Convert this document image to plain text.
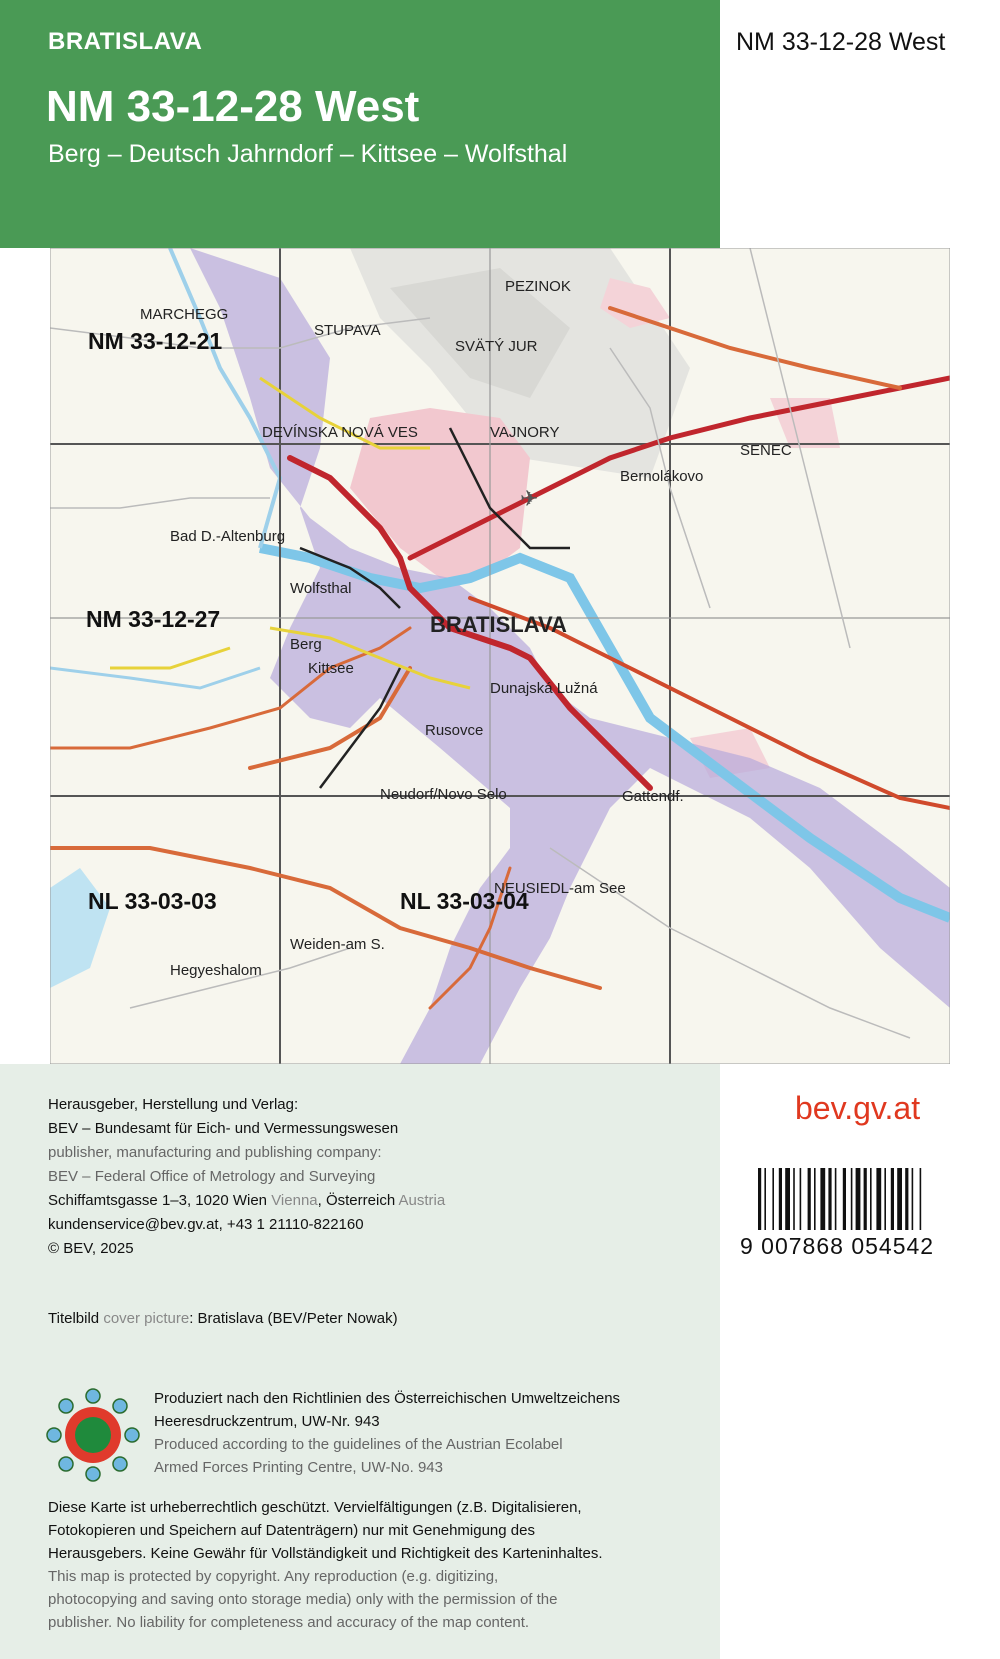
BRATISLAVA
NM 33-12-28 West
Berg – Deutsch Jahrndorf – Kittsee – Wolfsthal
NM 33-12-28 West
✈
BRATISLAVA
MARCHEGG
STUPAVA
PEZINOK
SVÄTÝ JUR
DEVÍNSKA NOVÁ VES
SENEC
VAJNORY
Bernolákovo
Bad D.-Altenburg
Wolfsthal
Berg
Kittsee
Dunajská Lužná
Rusovce
Neudorf/Novo Selo	Gattendf.
NEUSIEDL-am See
Weiden-am S.
Hegyeshalom
NM 33-12-21
NM 33-12-27
NL 33-03-03	NL 33-03-04
Herausgeber, Herstellung und Verlag:
BEV – Bundesamt für Eich- und Vermessungswesen
publisher, manufacturing and publishing company:
BEV – Federal Office of Metrology and Surveying
Schiffamtsgasse 1–3, 1020 Wien Vienna, Österreich Austria
kundenservice@bev.gv.at, +43 1 21110-822160
© BEV, 2025
Titelbild cover picture: Bratislava (BEV/Peter Nowak)
Produziert nach den Richtlinien des Österreichischen Umweltzeichens
Heeresdruckzentrum, UW-Nr. 943
Produced according to the guidelines of the Austrian Ecolabel
Armed Forces Printing Centre, UW-No. 943
Diese Karte ist urheberrechtlich geschützt. Vervielfältigungen (z.B. Digitalisieren,
Fotokopieren und Speichern auf Datenträgern) nur mit Genehmigung des
Herausgebers. Keine Gewähr für Vollständigkeit und Richtigkeit des Karteninhaltes.
This map is protected by copyright. Any reproduction (e.g. digitizing,
photocopying and saving onto storage media) only with the permission of the
publisher. No liability for completeness and accuracy of the map content.
bev.gv.at
9 007868 054542
